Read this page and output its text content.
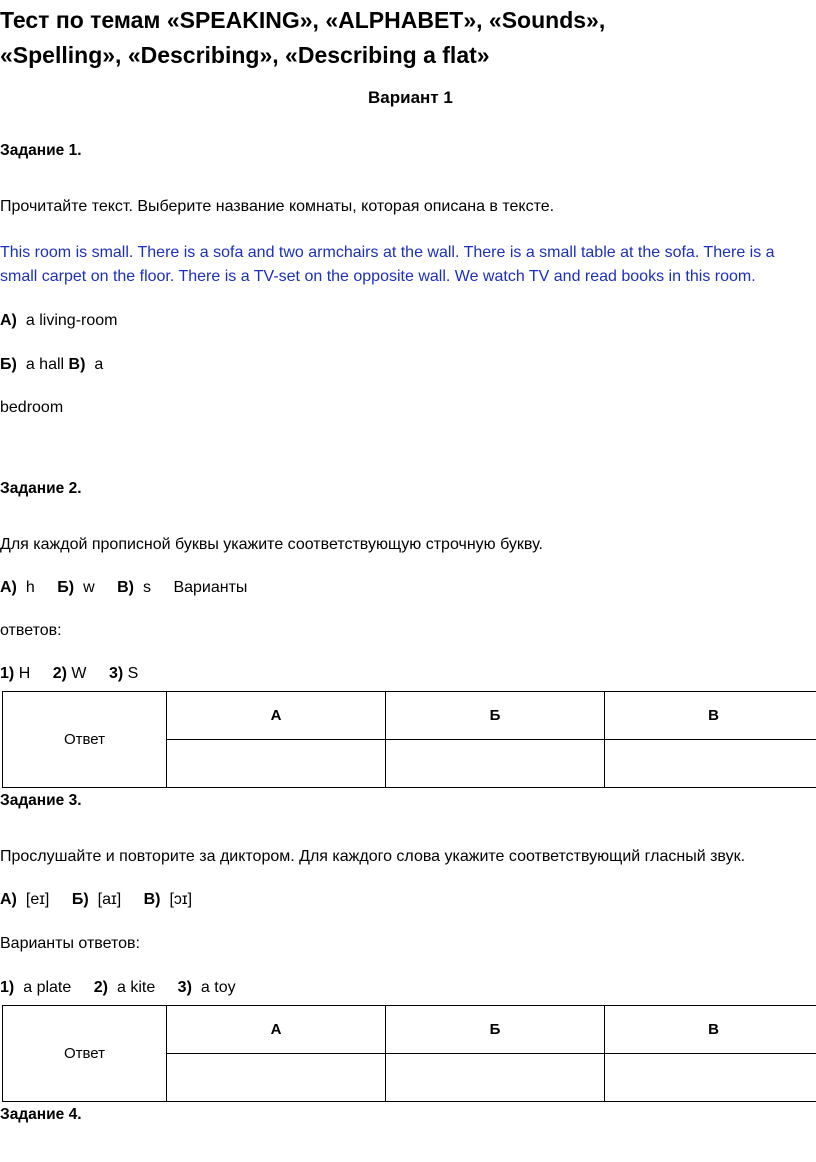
Тест по темам «SPEAKING», «ALPHABET», «Sounds»,
«Spelling», «Describing», «Describing a flat»
Вариант 1
Задание 1.
Прочитайте текст. Выберите название комнаты, которая описана в тексте.
This room is small. There is a sofa and two armchairs at the wall. There is a small table at the sofa. There is a
small carpet on the floor. There is a TV-set on the opposite wall. We watch TV and read books in this room.
А) a living-room
Б) a hall В) a
bedroom
Задание 2.
Для каждой прописной буквы укажите соответствующую строчную букву.
А) h Б) w В) s Варианты
ответов:
1) H 2) W 3) S
Ответ	А	Б	В

Задание 3.
Прослушайте и повторите за диктором. Для каждого слова укажите соответствующий гласный звук.
А) [eɪ] Б) [aɪ] В) [ɔɪ]
Варианты ответов:
1) a plate 2) a kite 3) a toy
Ответ	А	Б	В

Задание 4.
